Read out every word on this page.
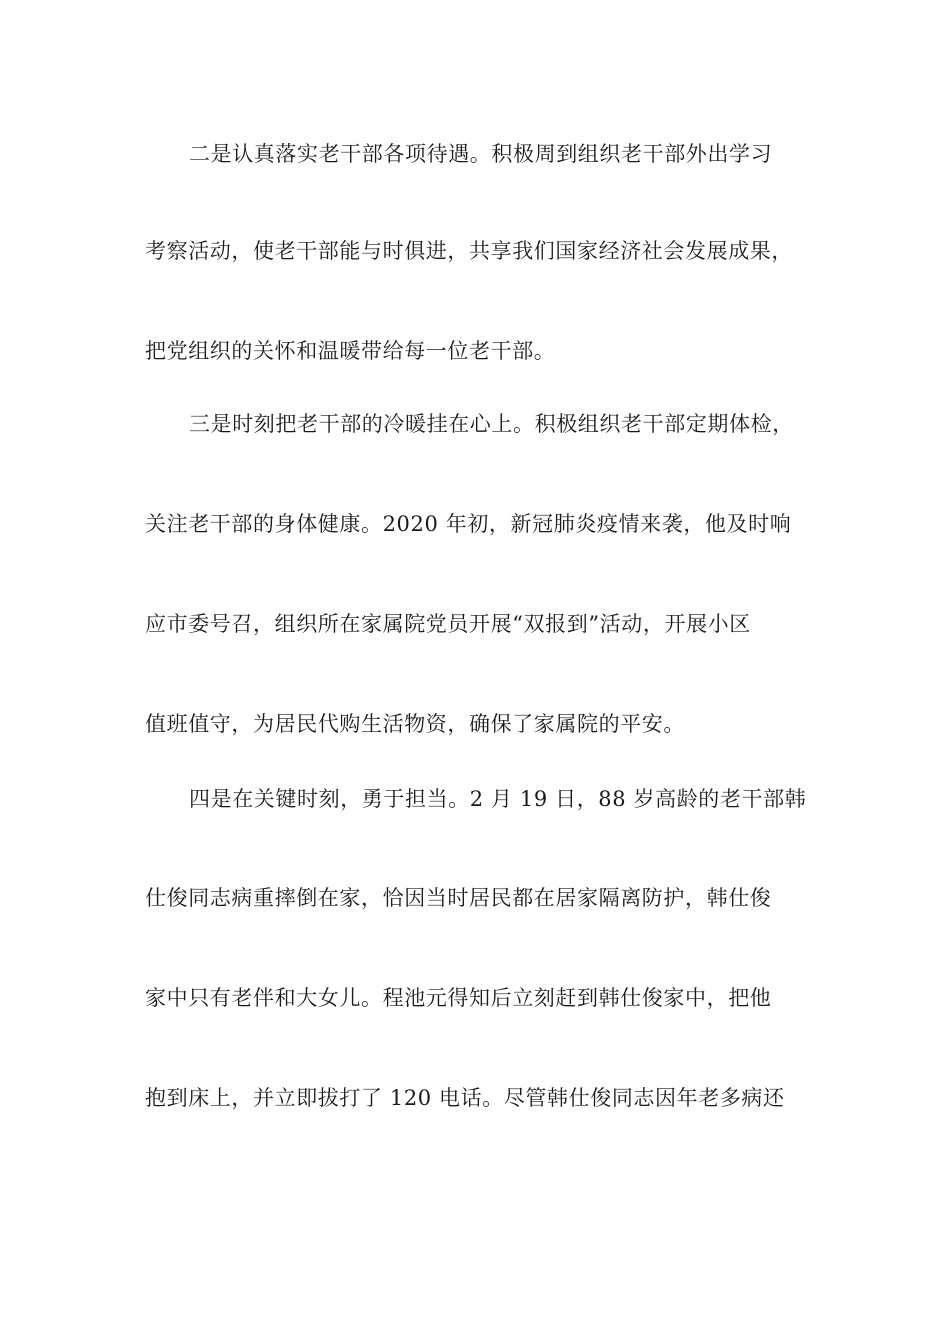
二是认真落实老干部各项待遇。积极周到组织老干部外出学习
考察活动，使老干部能与时俱进，共享我们国家经济社会发展成果，
把党组织的关怀和温暖带给每一位老干部。
三是时刻把老干部的冷暖挂在心上。积极组织老干部定期体检，
关注老干部的身体健康。2020 年初，新冠肺炎疫情来袭，他及时响
应市委号召，组织所在家属院党员开展“双报到”活动，开展小区
值班值守，为居民代购生活物资，确保了家属院的平安。
四是在关键时刻，勇于担当。2 月 19 日，88 岁高龄的老干部韩
仕俊同志病重摔倒在家，恰因当时居民都在居家隔离防护，韩仕俊
家中只有老伴和大女儿。程池元得知后立刻赶到韩仕俊家中，把他
抱到床上，并立即拔打了 120 电话。尽管韩仕俊同志因年老多病还
